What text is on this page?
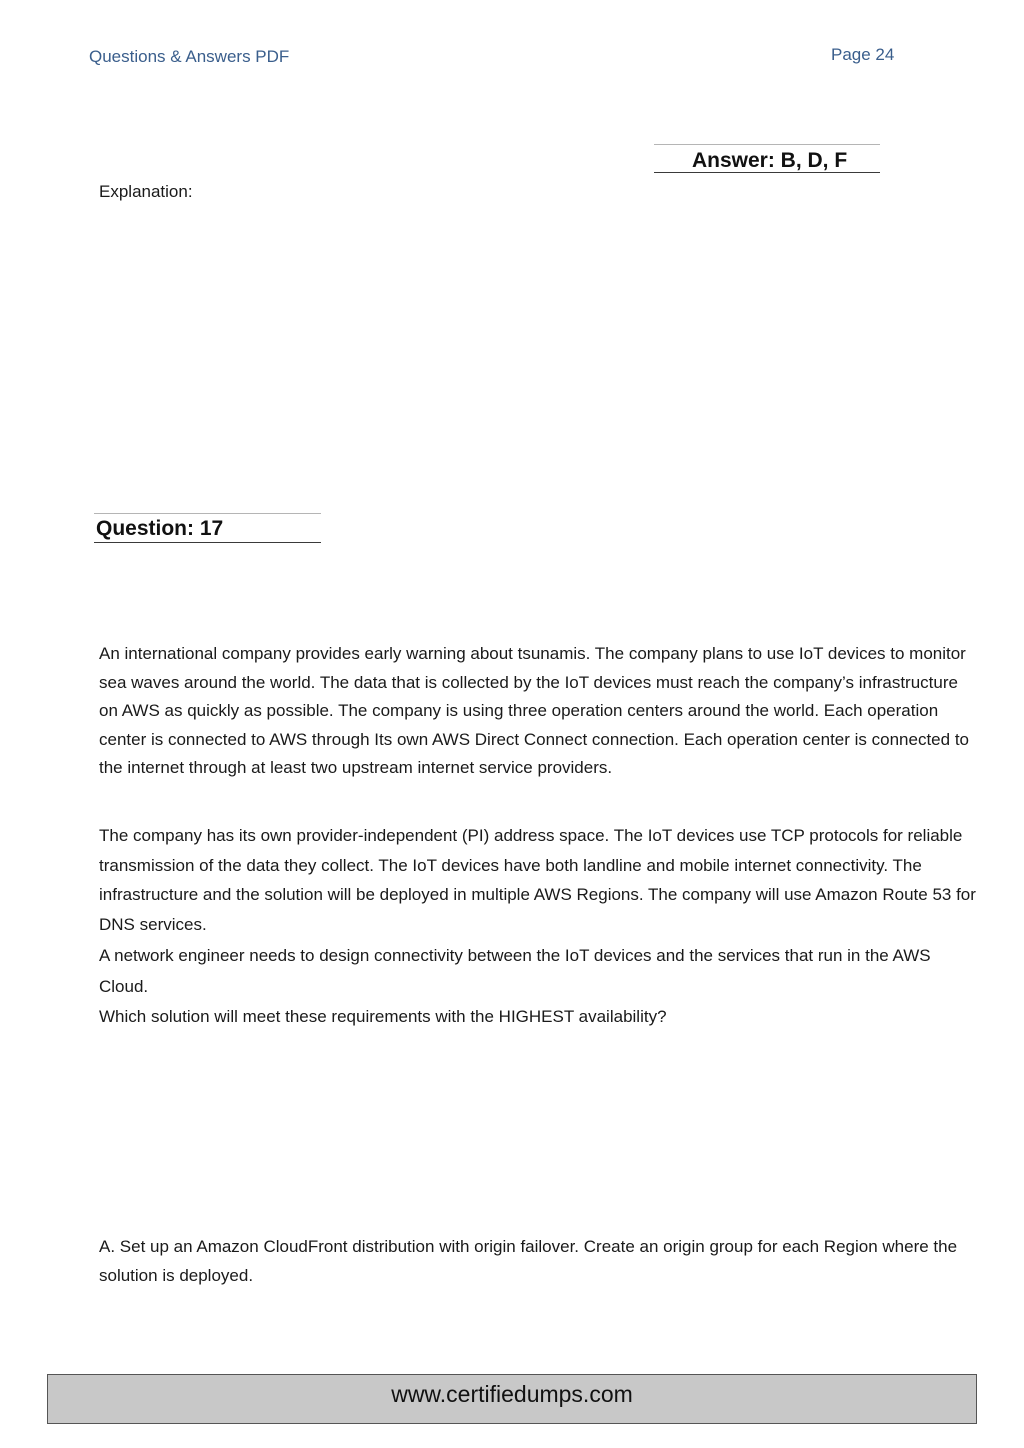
Questions & Answers PDF	Page 24

Answer: B, D, F

Explanation:

Question: 17

An international company provides early warning about tsunamis. The company plans to use IoT devices to monitor sea waves around the world. The data that is collected by the IoT devices must reach the company’s infrastructure on AWS as quickly as possible. The company is using three operation centers around the world. Each operation center is connected to AWS through Its own AWS Direct Connect connection. Each operation center is connected to the internet through at least two upstream internet service providers.

The company has its own provider-independent (PI) address space. The IoT devices use TCP protocols for reliable transmission of the data they collect. The IoT devices have both landline and mobile internet connectivity. The infrastructure and the solution will be deployed in multiple AWS Regions. The company will use Amazon Route 53 for DNS services.

A network engineer needs to design connectivity between the IoT devices and the services that run in the AWS Cloud.

Which solution will meet these requirements with the HIGHEST availability?

A. Set up an Amazon CloudFront distribution with origin failover. Create an origin group for each Region where the solution is deployed.

www.certifiedumps.com
